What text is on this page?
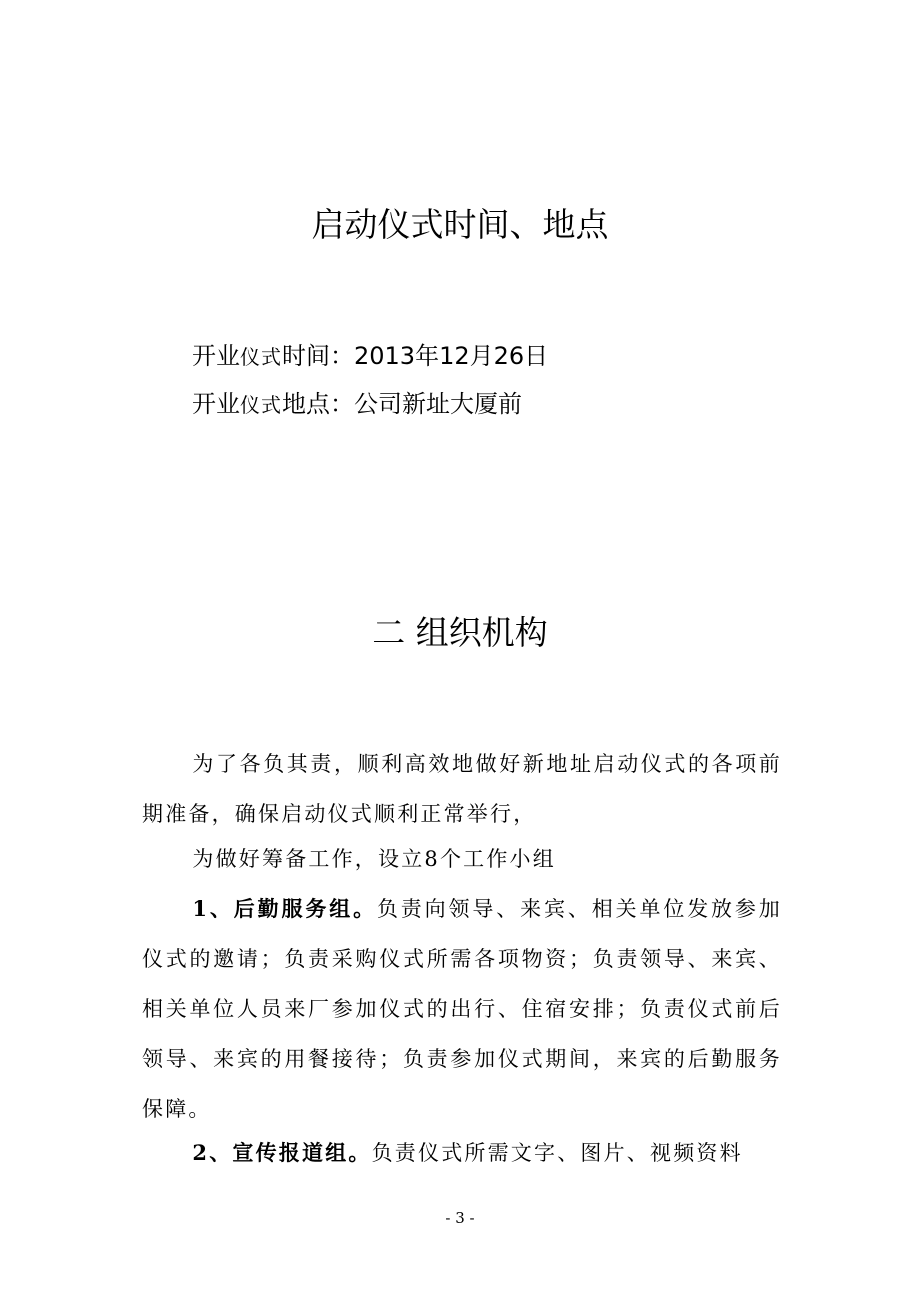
启动仪式时间、地点
开业仪式时间：2013年12月26日
开业仪式地点：公司新址大厦前
二 组织机构

为了各负其责，顺利高效地做好新地址启动仪式的各项前期准备，确保启动仪式顺利正常举行，

为做好筹备工作，设立8个工作小组

1、后勤服务组。负责向领导、来宾、相关单位发放参加仪式的邀请；负责采购仪式所需各项物资；负责领导、来宾、相关单位人员来厂参加仪式的出行、住宿安排；负责仪式前后领导、来宾的用餐接待；负责参加仪式期间，来宾的后勤服务保障。

2、宣传报道组。负责仪式所需文字、图片、视频资料

- 3 -
